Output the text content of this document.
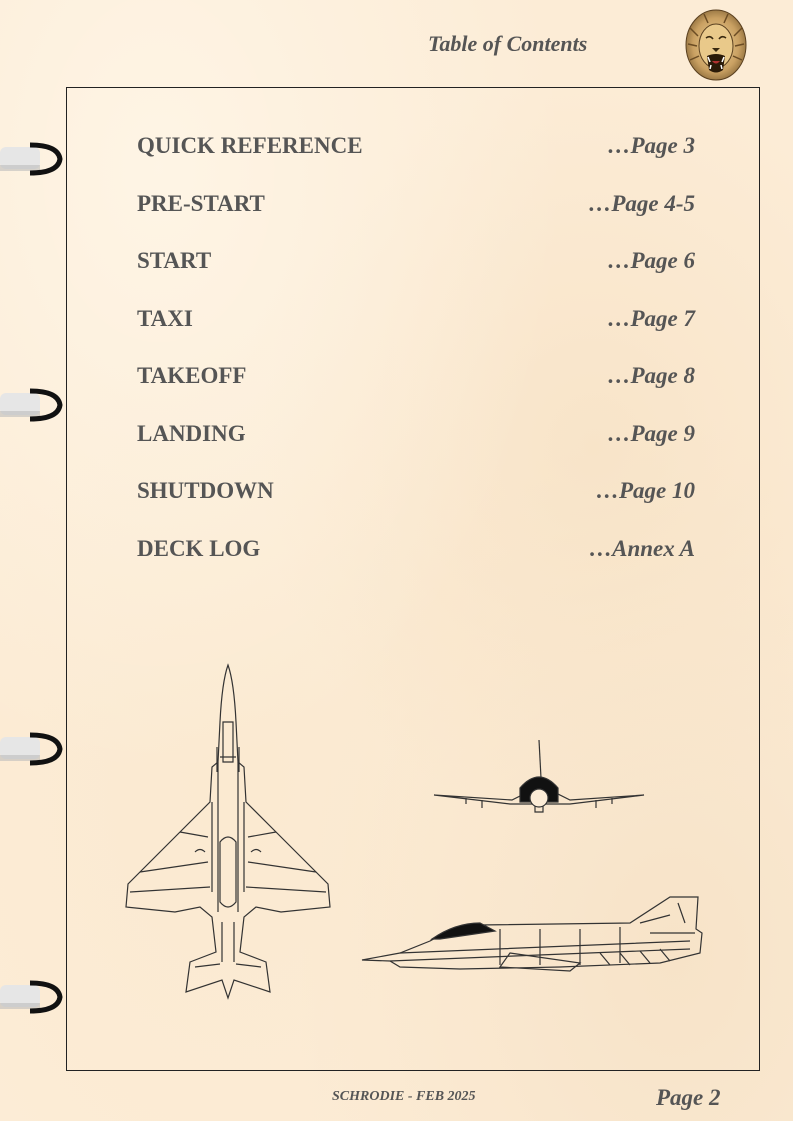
Table of Contents
QUICK REFERENCE	…Page 3
PRE-START	…Page 4-5
START	…Page 6
TAXI	…Page 7
TAKEOFF	…Page 8
LANDING	…Page 9
SHUTDOWN	…Page 10
DECK LOG	…Annex A
SCHRODIE - FEB 2025	Page 2
